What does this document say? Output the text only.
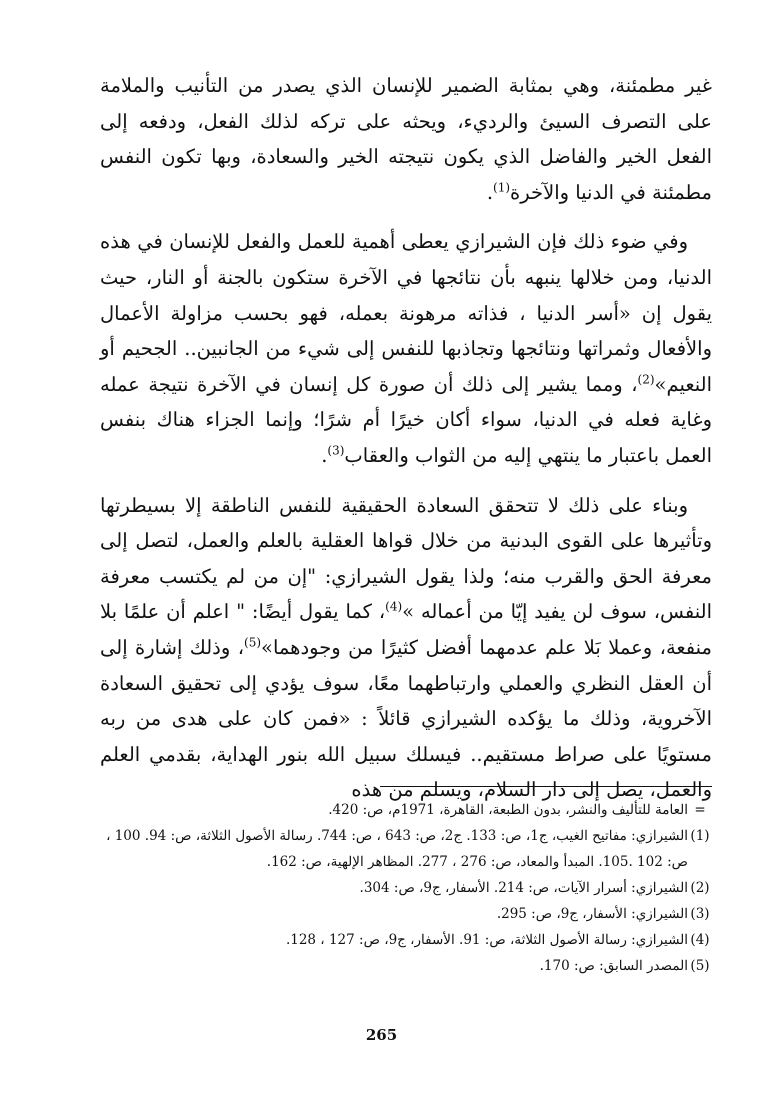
غير مطمئنة، وهي بمثابة الضمير للإنسان الذي يصدر من التأنيب والملامة على التصرف السيئ والرديء، ويحثه على تركه لذلك الفعل، ودفعه إلى الفعل الخير والفاضل الذي يكون نتيجته الخير والسعادة، وبها تكون النفس مطمئنة في الدنيا والآخرة$^{(1)}$.

وفي ضوء ذلك فإن الشيرازي يعطى أهمية للعمل والفعل للإنسان في هذه الدنيا، ومن خلالها ينبهه بأن نتائجها في الآخرة ستكون بالجنة أو النار، حيث يقول إن «أسر الدنيا ، فذاته مرهونة بعمله، فهو بحسب مزاولة الأعمال والأفعال وثمراتها ونتائجها وتجاذبها للنفس إلى شيء من الجانبين.. الجحيم أو النعيم»$^{(2)}$، ومما يشير إلى ذلك أن صورة كل إنسان في الآخرة نتيجة عمله وغاية فعله في الدنيا، سواء أكان خيرًا أم شرًا؛ وإنما الجزاء هناك بنفس العمل باعتبار ما ينتهي إليه من الثواب والعقاب$^{(3)}$.

وبناء على ذلك لا تتحقق السعادة الحقيقية للنفس الناطقة إلا بسيطرتها وتأثيرها على القوى البدنية من خلال قواها العقلية بالعلم والعمل، لتصل إلى معرفة الحق والقرب منه؛ ولذا يقول الشيرازي: "إن من لم يكتسب معرفة النفس، سوف لن يفيد إيّا من أعماله »$^{(4)}$، كما يقول أيضًا: " اعلم أن علمًا بلا منفعة، وعملا بَلا علم عدمهما أفضل كثيرًا من وجودهما»$^{(5)}$، وذلك إشارة إلى أن العقل النظري والعملي وارتباطهما معًا، سوف يؤدي إلى تحقيق السعادة الآخروية، وذلك ما يؤكده الشيرازي قائلاً : «فمن كان على هدى من ربه مستويًا على صراط مستقيم.. فيسلك سبيل الله بنور الهداية، بقدمي العلم والعمل، يصل إلى دار السلام، ويسلم من هذه

=
العامة للتأليف والنشر، بدون الطبعة، القاهرة، 1971م، ص: 420.
(1)
الشيرازي: مفاتيح الغيب، ج1، ص: 133. ج2، ص: 643 ، ص: 744. رسالة الأصول الثلاثة، ص: 94. 100 ، ص: 102 .105. المبدأ والمعاد، ص: 276 ، 277. المظاهر الإلهية، ص: 162.
(2)
الشيرازي: أسرار الآيات، ص: 214. الأسفار، ج9، ص: 304.
(3)
الشيرازي: الأسفار، ج9، ص: 295.
(4)
الشيرازي: رسالة الأصول الثلاثة، ص: 91. الأسفار، ج9، ص: 127 ، 128.
(5)
المصدر السابق: ص: 170.
265
